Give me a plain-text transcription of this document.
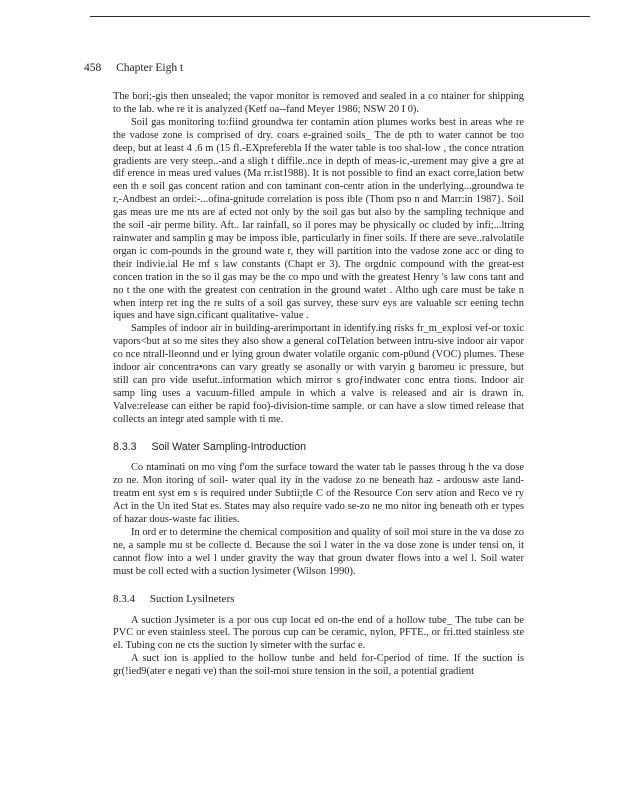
458 Chapter Eigh t

The bori;-gis then unsealed; the vapor monitor is removed and sealed in a co ntainer for shipping to the lab. whe re it is analyzed (Ketf oa--fand Meyer 1986; NSW 20 I 0).

Soil gas monitoring to:fiind groundwa ter contamin ation plumes works best in areas whe re the vadose zone is comprised of dry. coars e-grained soils_ The de pth to water cannot be too deep, but at least 4 .6 m (15 fl.-EXpreferebla If the water table is too shal-low , the conce ntration gradients are very steep..-and a sligh t diffile..nce in depth of meas-ic,-urement may give a gre at dif erence in meas ured values (Ma rr.ist1988). It is not possible to find an exact corre,lation betw een th e soil gas concent ration and con taminant con-centr ation in the underlying...groundwa te r,-Andbest an ordei:-...ofina-gnitude correlation is poss ible (Thom pso n and Marr:in 1987}. Soil gas meas ure me nts are af ected not only by the soil gas but also by the sampling technique and the soil -air perme bility. Aft.. Iar rainfall, so il pores may be physically oc cluded by infi;...ltring rainwater and samplin g may be imposs ible, particularly in finer soils. If there are seve..ralvolatile organ ic com-pounds in the ground wate r, they will partition into the vadose zone acc or ding to their indivie.ial He mf s law constants (Chapt er 3). The orgdnic compound with the great-est concen tration in the so il gas may be the co mpo und with the greatest Henry 's law cons tant and no t the one with the greatest con centration in the ground watet . Altho ugh care must be take n when interp ret ing the re sults of a soil gas survey, these surv eys are valuable scr eening techn iques and have sign.cificant qualitative- value .

Samples of indoor air in building-arerimportant in identify.ing risks fr_m_explosi vef-or toxic vapors<but at so me sites they also show a general coITelation between intru-sive indoor air vapor co nce ntrall-lleonnd und er lying groun dwater volatile organic com-p0und (VOC) plumes. These indoor air concentra•ons can vary greatly se asonally or with varyin g baromeu ic pressure, but still can pro vide usefut..information which mirror s groƒindwater conc entra tions. Indoor air samp ling uses a vacuum-filled ampule in which a valve is released and air is drawn in. Valve:release can either be rapid foo)-division-time sample. or can have a slow timed release that collects an integr ated sample with ti me.

8.3.3 Soil Water Sampling-Introduction

Co ntaminati on mo ving f'om the surface toward the water tab le passes throug h the va dose zo ne. Mon itoring of soil- water qual ity in the vadose zo ne beneath haz - ardousw aste land-treatm ent syst em s is required under Subtii;tle C of the Resource Con serv ation and Reco ve ry Act in the Un ited Stat es. States may also require vado se-zo ne mo nitor ing beneath oth er types of hazar dous-waste fac ilities.

In ord er to determine the chemical composition and quality of soil moi sture in the va dose zo ne, a sample mu st be collecte d. Because the soi l water in the va dose zone is under tensi on, it cannot flow into a wel l under gravity the way that groun dwater flows into a wel l. Soil water must be coll ected with a suction lysimeter (Wilson 1990).

8.3.4 Suction Lysilneters

A suction Jysimeter is a por ous cup locat ed on-the end of a hollow tube_ The tube can be PVC or even stainless steel. The porous cup can be ceramic, nylon, PFTE., or fri.tted stainless ste el. Tubing con ne cts the suction ly simeter with the surfac e.

A suct ion is applied to the hollow tunbe and held for-Cperiod of time. If the suction is gr(!ied9(ater e negati ve) than the soil-moi sture tension in the soil, a potential gradient
